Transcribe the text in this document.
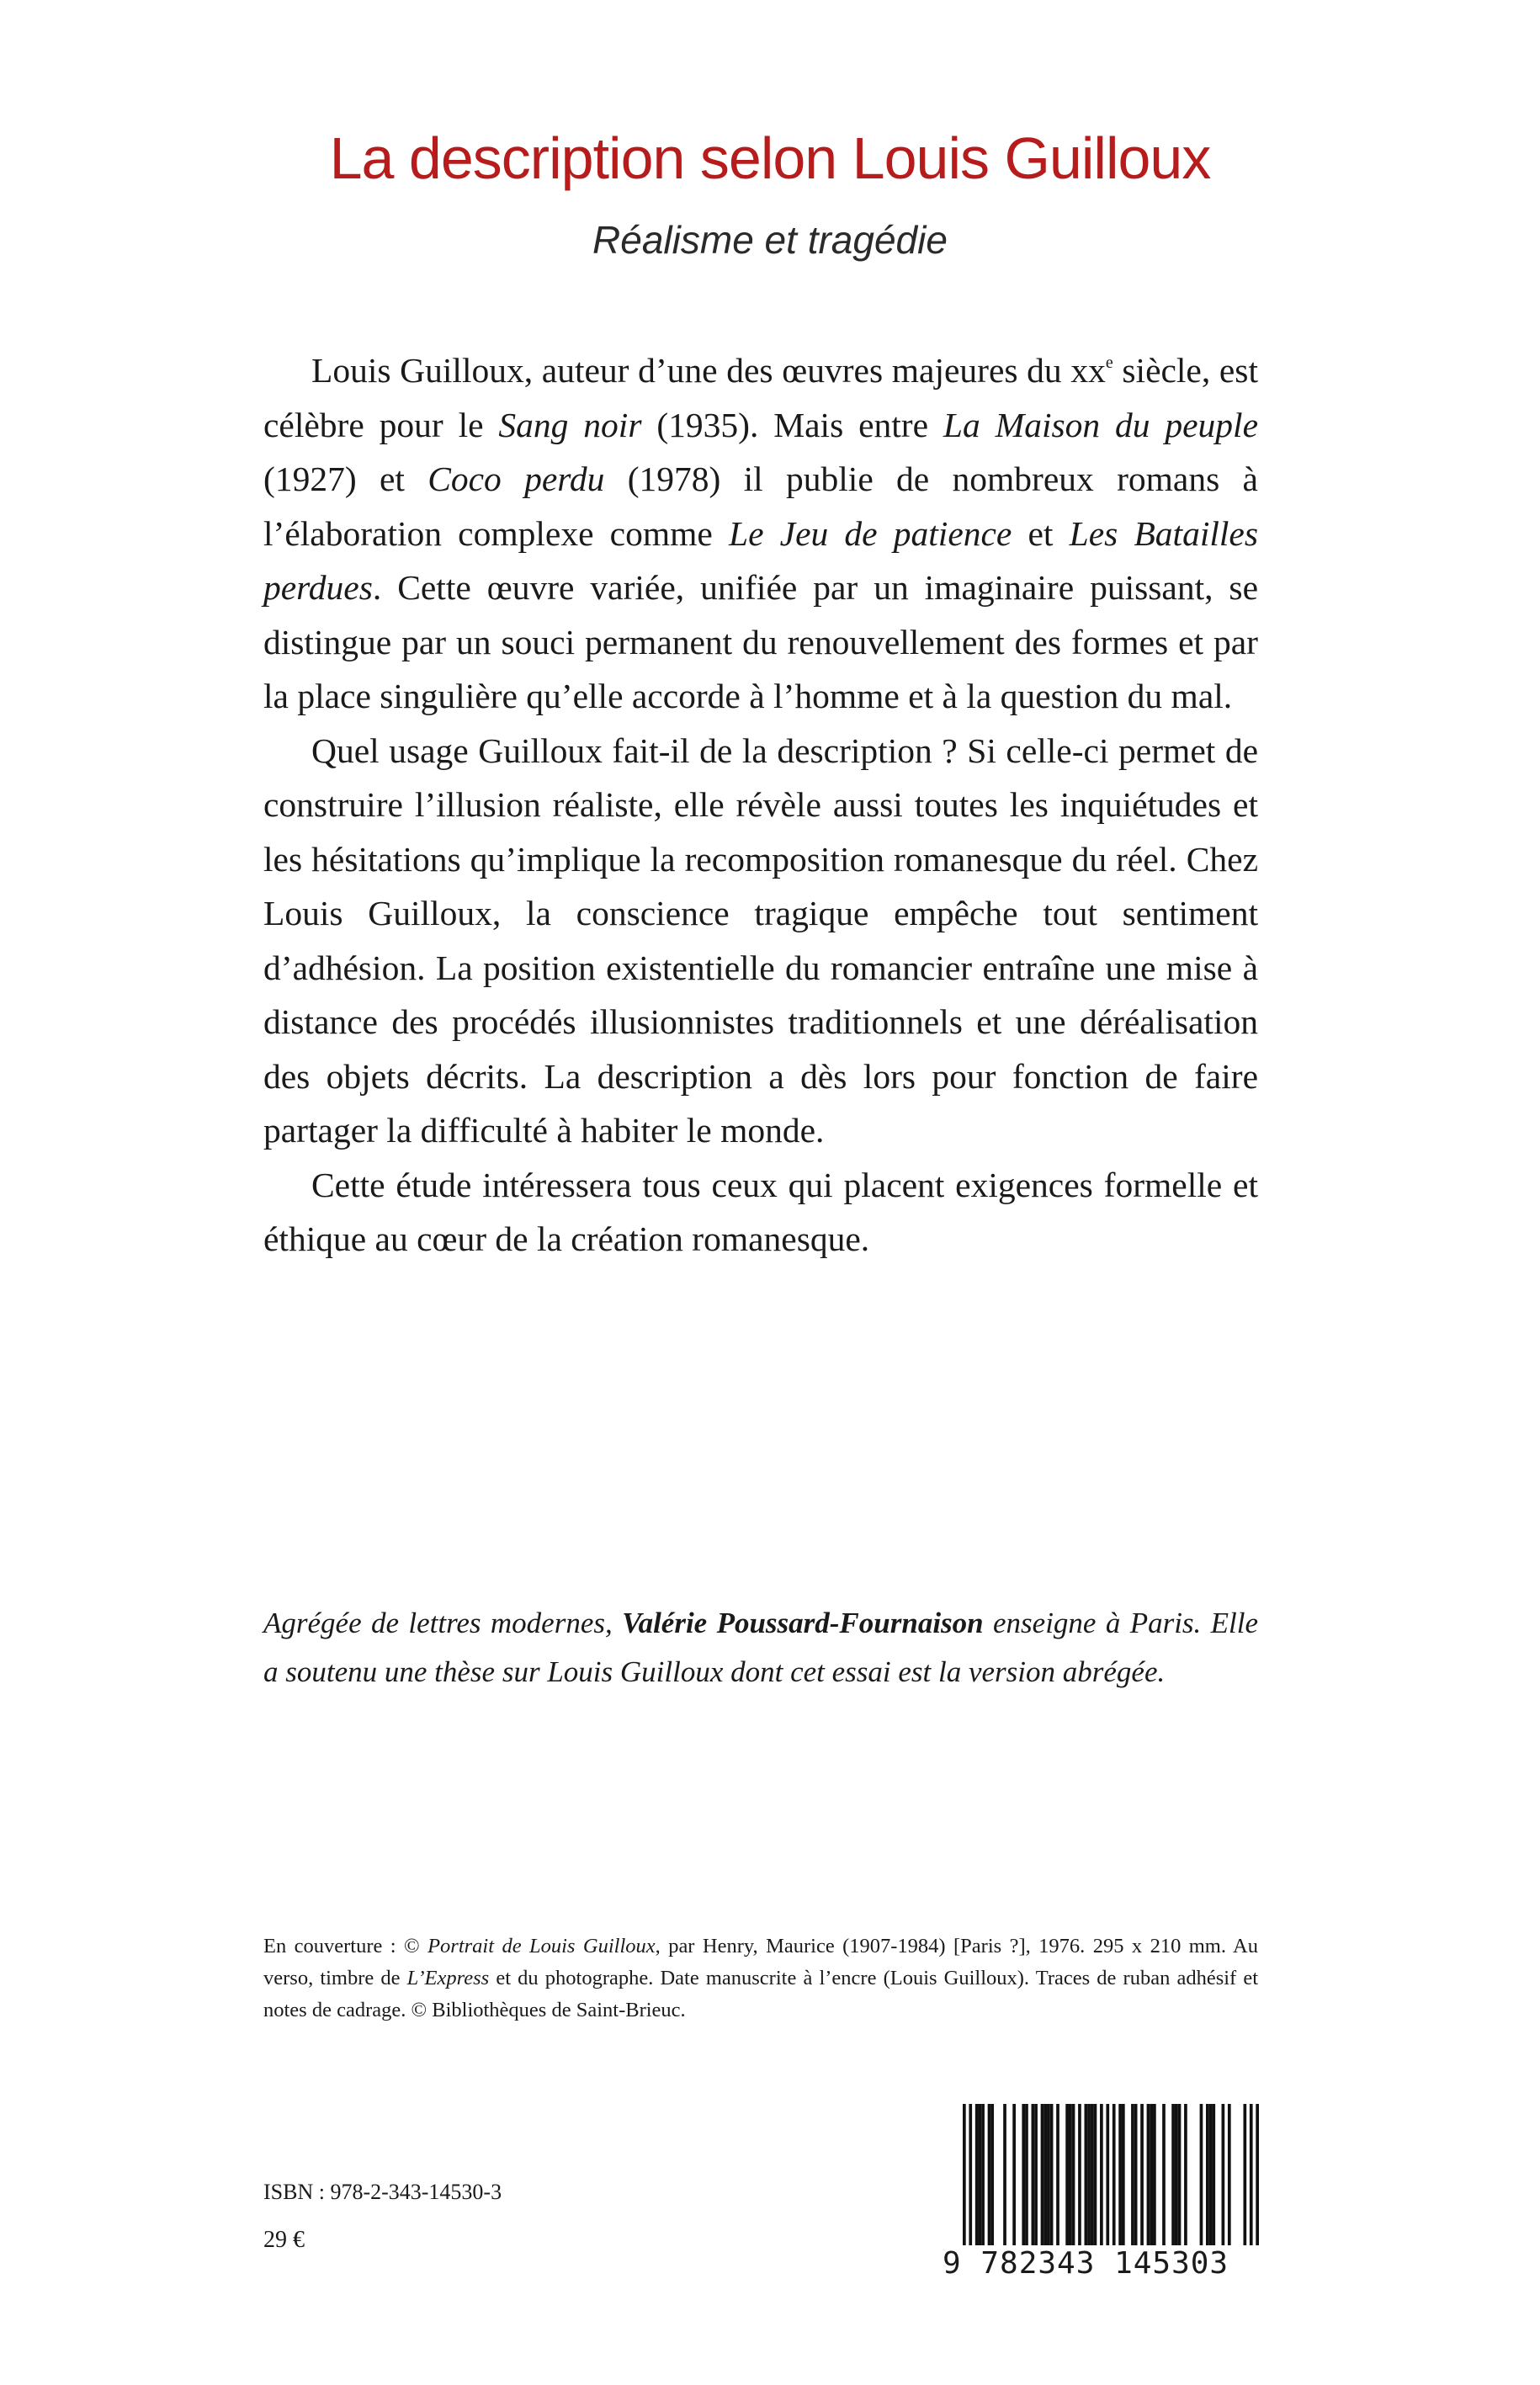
La description selon Louis Guilloux
Réalisme et tragédie

Louis Guilloux, auteur d’une des œuvres majeures du $xx^e$ siècle, est célèbre pour le Sang noir (1935). Mais entre La Maison du peuple (1927) et Coco perdu (1978) il publie de nombreux romans à l’élaboration complexe comme Le Jeu de patience et Les Batailles perdues. Cette œuvre variée, unifiée par un imaginaire puissant, se distingue par un souci permanent du renouvellement des formes et par la place singulière qu’elle accorde à l’homme et à la question du mal.

Quel usage Guilloux fait-il de la description ? Si celle-ci permet de construire l’illusion réaliste, elle révèle aussi toutes les inquiétudes et les hésitations qu’implique la recomposition romanesque du réel. Chez Louis Guilloux, la conscience tragique empêche tout sentiment d’adhésion. La position existentielle du romancier entraîne une mise à distance des procédés illusionnistes traditionnels et une déréalisation des objets décrits. La description a dès lors pour fonction de faire partager la difficulté à habiter le monde.

Cette étude intéressera tous ceux qui placent exigences formelle et éthique au cœur de la création romanesque.

Agrégée de lettres modernes, Valérie Poussard-Fournaison enseigne à Paris. Elle a soutenu une thèse sur Louis Guilloux dont cet essai est la version abrégée.
En couverture : © Portrait de Louis Guilloux, par Henry, Maurice (1907-1984) [Paris ?], 1976. 295 x 210 mm. Au verso, timbre de L’Express et du photographe. Date manuscrite à l’encre (Louis Guilloux). Traces de ruban adhésif et notes de cadrage. © Bibliothèques de Saint-Brieuc.
ISBN : 978-2-343-14530-3
29 €
9 782343 145303
